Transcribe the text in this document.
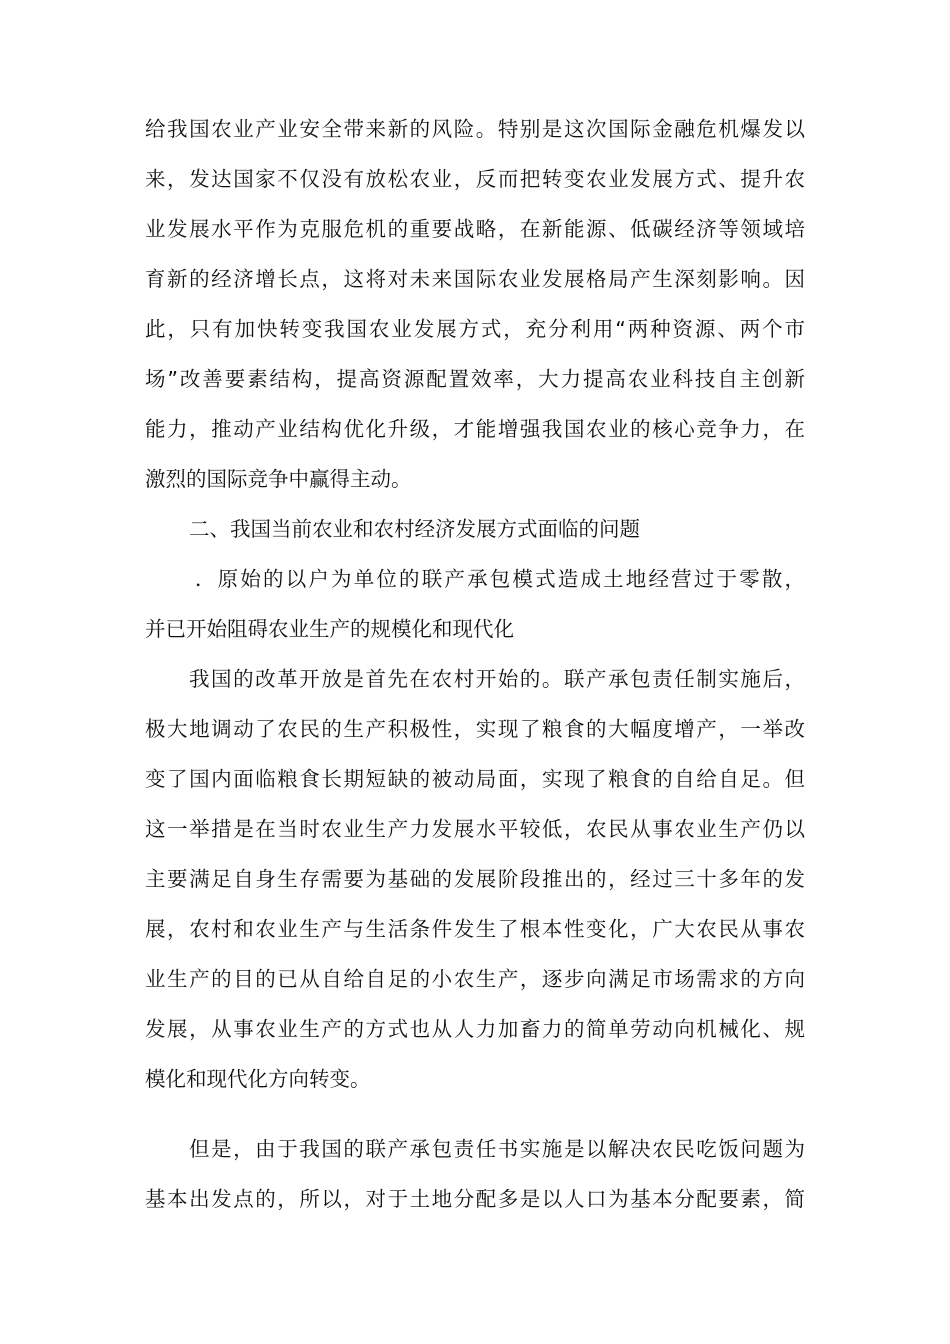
给我国农业产业安全带来新的风险。特别是这次国际金融危机爆发以
来，发达国家不仅没有放松农业，反而把转变农业发展方式、提升农
业发展水平作为克服危机的重要战略，在新能源、低碳经济等领域培
育新的经济增长点，这将对未来国际农业发展格局产生深刻影响。因
此，只有加快转变我国农业发展方式，充分利用“两种资源、两个市
场”改善要素结构，提高资源配置效率，大力提高农业科技自主创新
能力，推动产业结构优化升级，才能增强我国农业的核心竞争力，在
激烈的国际竞争中赢得主动。
二、我国当前农业和农村经济发展方式面临的问题
．原始的以户为单位的联产承包模式造成土地经营过于零散，
并已开始阻碍农业生产的规模化和现代化
我国的改革开放是首先在农村开始的。联产承包责任制实施后，
极大地调动了农民的生产积极性，实现了粮食的大幅度增产，一举改
变了国内面临粮食长期短缺的被动局面，实现了粮食的自给自足。但
这一举措是在当时农业生产力发展水平较低，农民从事农业生产仍以
主要满足自身生存需要为基础的发展阶段推出的，经过三十多年的发
展，农村和农业生产与生活条件发生了根本性变化，广大农民从事农
业生产的目的已从自给自足的小农生产，逐步向满足市场需求的方向
发展，从事农业生产的方式也从人力加畜力的简单劳动向机械化、规
模化和现代化方向转变。
但是，由于我国的联产承包责任书实施是以解决农民吃饭问题为
基本出发点的，所以，对于土地分配多是以人口为基本分配要素，简
